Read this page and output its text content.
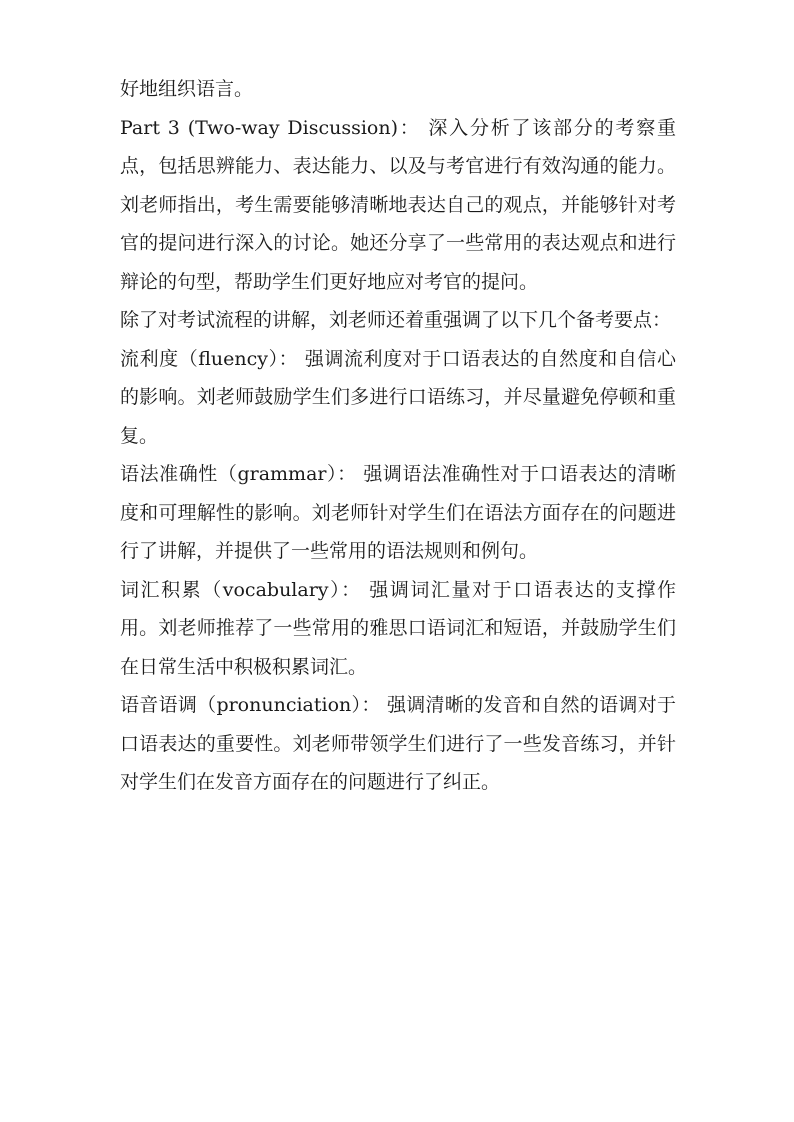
好地组织语言。

Part 3 (Two-way Discussion)： 深入分析了该部分的考察重点，包括思辨能力、表达能力、以及与考官进行有效沟通的能力。刘老师指出，考生需要能够清晰地表达自己的观点，并能够针对考官的提问进行深入的讨论。她还分享了一些常用的表达观点和进行辩论的句型，帮助学生们更好地应对考官的提问。

除了对考试流程的讲解，刘老师还着重强调了以下几个备考要点：

流利度（fluency）： 强调流利度对于口语表达的自然度和自信心的影响。刘老师鼓励学生们多进行口语练习，并尽量避免停顿和重复。

语法准确性（grammar）： 强调语法准确性对于口语表达的清晰度和可理解性的影响。刘老师针对学生们在语法方面存在的问题进行了讲解，并提供了一些常用的语法规则和例句。

词汇积累（vocabulary）： 强调词汇量对于口语表达的支撑作用。刘老师推荐了一些常用的雅思口语词汇和短语，并鼓励学生们在日常生活中积极积累词汇。

语音语调（pronunciation）： 强调清晰的发音和自然的语调对于口语表达的重要性。刘老师带领学生们进行了一些发音练习，并针对学生们在发音方面存在的问题进行了纠正。
